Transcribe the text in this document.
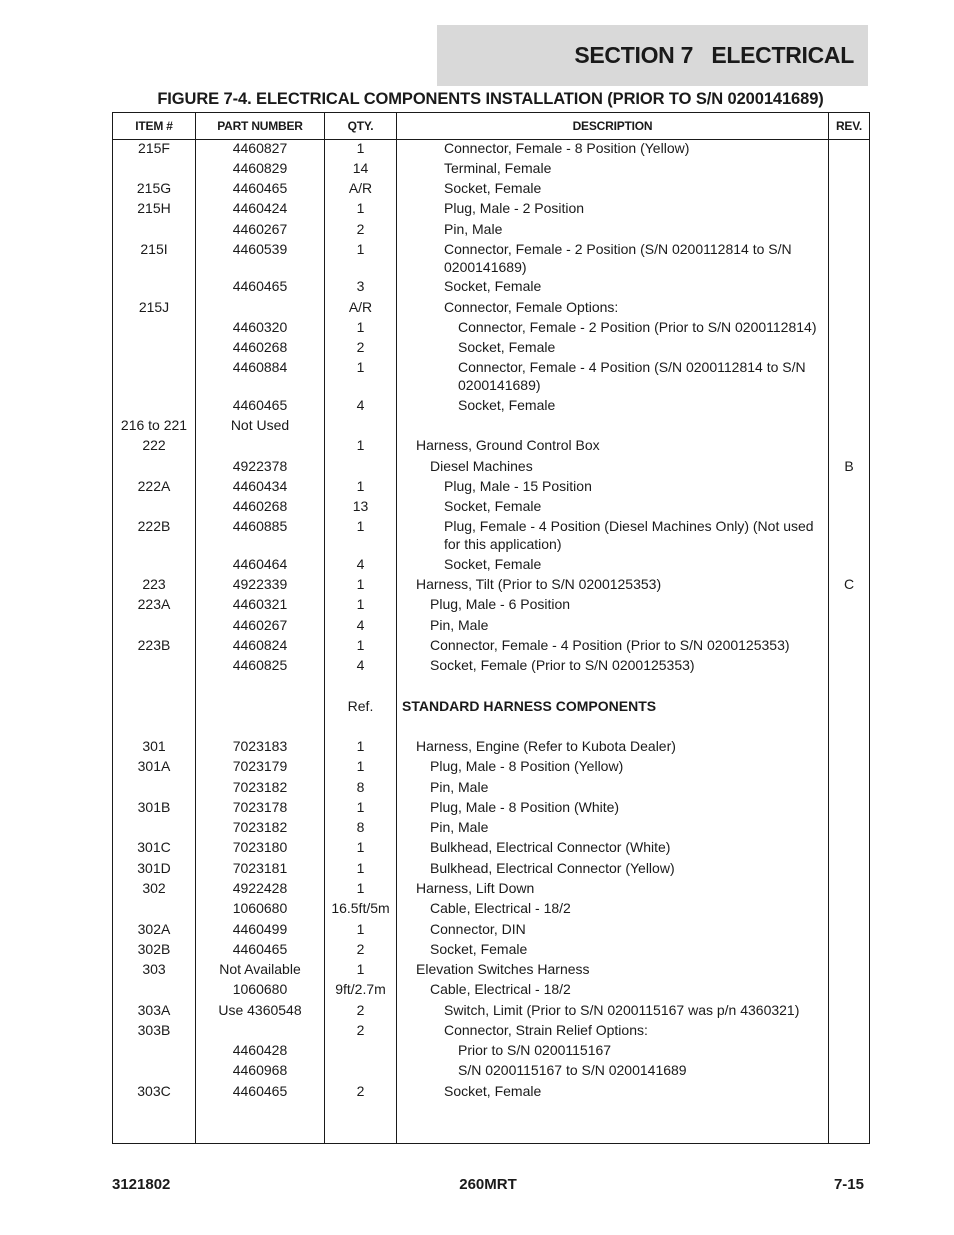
SECTION 7   ELECTRICAL
FIGURE 7-4. ELECTRICAL COMPONENTS INSTALLATION (PRIOR TO S/N 0200141689)
ITEM #	PART NUMBER	QTY.	DESCRIPTION	REV.
215F	4460827	1	Connector, Female - 8 Position (Yellow)
4460829	14	Terminal, Female
215G	4460465	A/R	Socket, Female
215H	4460424	1	Plug, Male - 2 Position
4460267	2	Pin, Male
215I	4460539	1	Connector, Female - 2 Position (S/N 0200112814 to S/N 0200141689)
4460465	3	Socket, Female
215J	A/R	Connector, Female Options:
4460320	1	Connector, Female - 2 Position (Prior to S/N 0200112814)
4460268	2	Socket, Female
4460884	1	Connector, Female - 4 Position (S/N 0200112814 to S/N 0200141689)
4460465	4	Socket, Female
216 to 221	Not Used
222	1	Harness, Ground Control Box
4922378	Diesel Machines	B
222A	4460434	1	Plug, Male - 15 Position
4460268	13	Socket, Female
222B	4460885	1	Plug, Female - 4 Position (Diesel Machines Only) (Not used for this application)
4460464	4	Socket, Female
223	4922339	1	Harness, Tilt (Prior to S/N 0200125353)	C
223A	4460321	1	Plug, Male - 6 Position
4460267	4	Pin, Male
223B	4460824	1	Connector, Female - 4 Position (Prior to S/N 0200125353)
4460825	4	Socket, Female (Prior to S/N 0200125353)
Ref.	STANDARD HARNESS COMPONENTS
301	7023183	1	Harness, Engine (Refer to Kubota Dealer)
301A	7023179	1	Plug, Male - 8 Position (Yellow)
7023182	8	Pin, Male
301B	7023178	1	Plug, Male - 8 Position (White)
7023182	8	Pin, Male
301C	7023180	1	Bulkhead, Electrical Connector (White)
301D	7023181	1	Bulkhead, Electrical Connector (Yellow)
302	4922428	1	Harness, Lift Down
1060680	16.5ft/5m	Cable, Electrical - 18/2
302A	4460499	1	Connector, DIN
302B	4460465	2	Socket, Female
303	Not Available	1	Elevation Switches Harness
1060680	9ft/2.7m	Cable, Electrical - 18/2
303A	Use 4360548	2	Switch, Limit (Prior to S/N 0200115167 was p/n 4360321)
303B	2	Connector, Strain Relief Options:
4460428	Prior to S/N 0200115167
4460968	S/N 0200115167 to S/N 0200141689
303C	4460465	2	Socket, Female
3121802	260MRT	7-15
